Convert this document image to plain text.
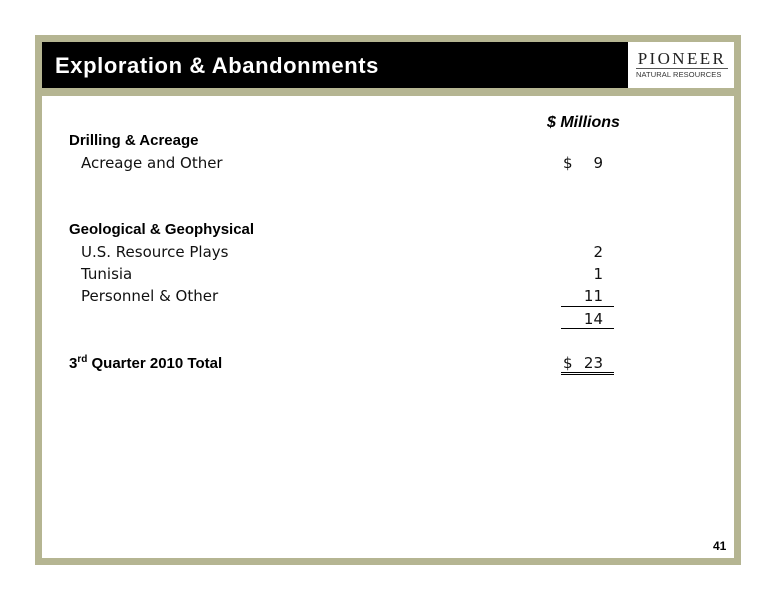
Exploration & Abandonments	PIONEER
NATURAL RESOURCES
$ Millions
Drilling & Acreage
Acreage and Other	$ 9
Geological & Geophysical
U.S. Resource Plays	2
Tunisia	1
Personnel & Other	11
14
3rd Quarter 2010 Total	$ 23
41
